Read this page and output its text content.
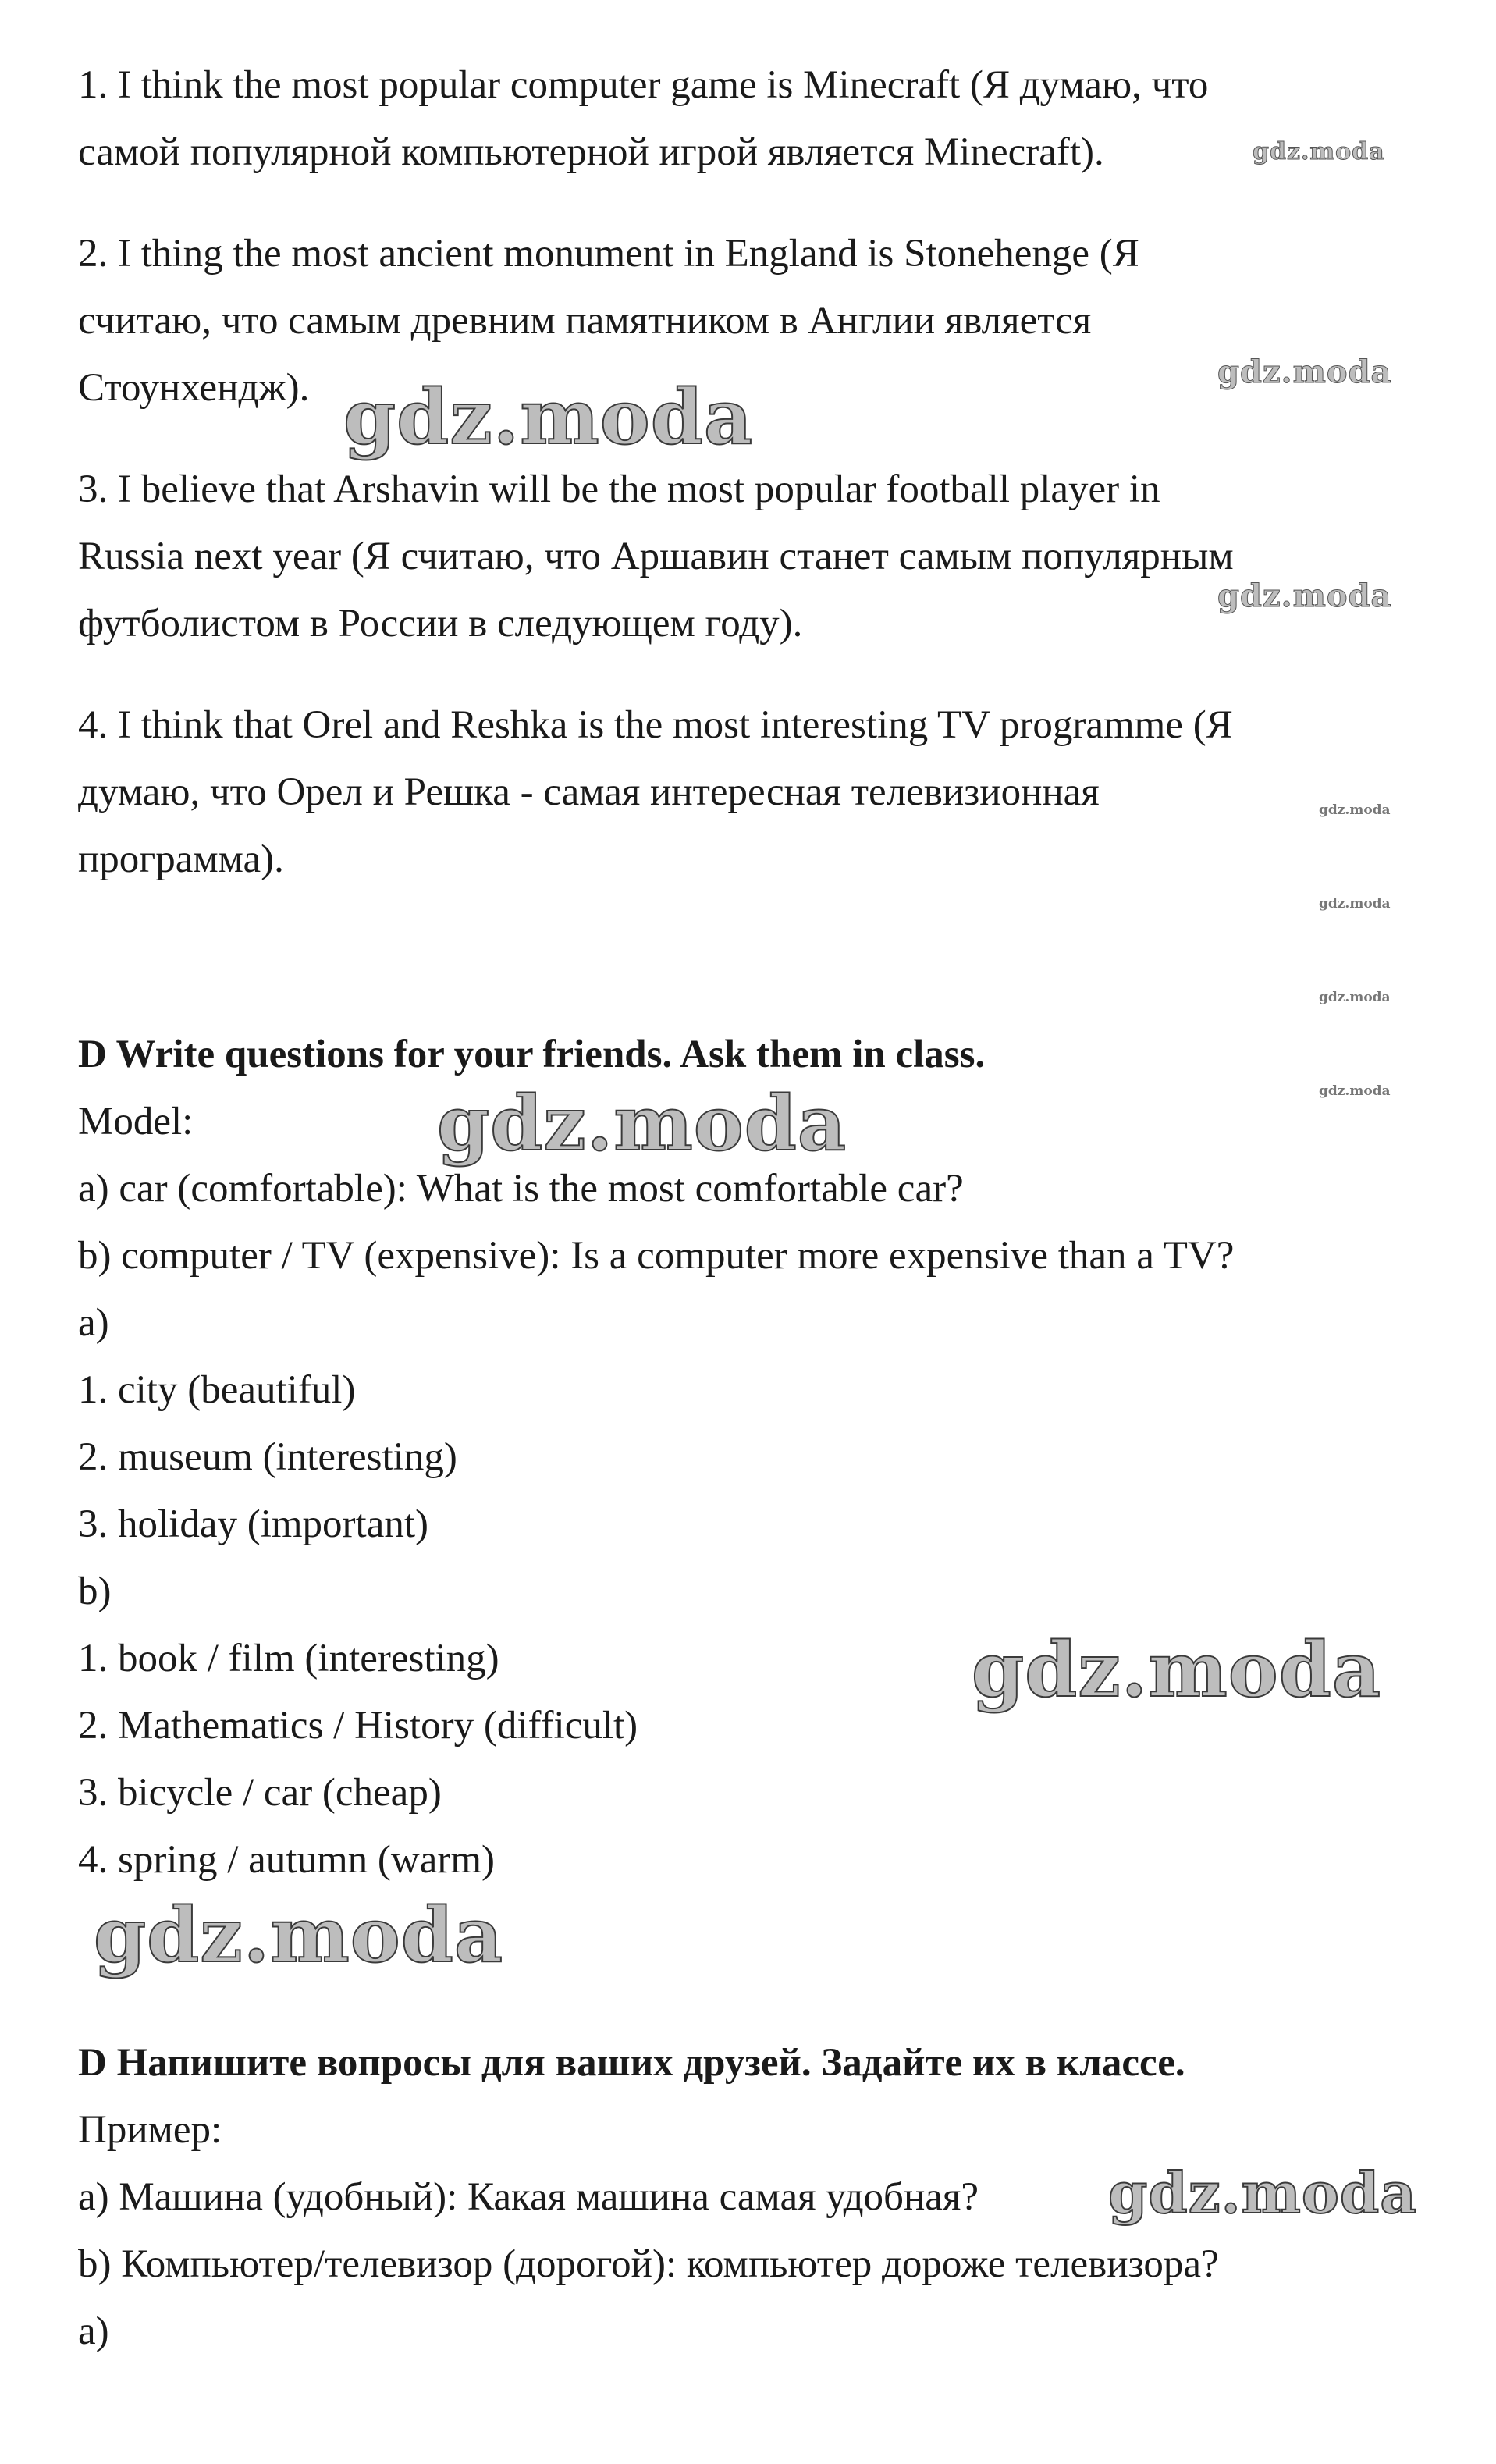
1. I think the most popular computer game is Minecraft (Я думаю, что
самой популярной компьютерной игрой является Minecraft).
2. I thing the most ancient monument in England is Stonehenge (Я
считаю, что самым древним памятником в Англии является
Стоунхендж).
3. I believe that Arshavin will be the most popular football player in
Russia next year (Я считаю, что Аршавин станет самым популярным
футболистом в России в следующем году).
4. I think that Orel and Reshka is the most interesting TV programme (Я
думаю, что Орел и Решка - самая интересная телевизионная
программа).
D Write questions for your friends. Ask them in class.
Model:
a) car (comfortable): What is the most comfortable car?
b) computer / TV (expensive): Is a computer more expensive than a TV?
a)
1. city (beautiful)
2. museum (interesting)
3. holiday (important)
b)
1. book / film (interesting)
2. Mathematics / History (difficult)
3. bicycle / car (cheap)
4. spring / autumn (warm)
D Напишите вопросы для ваших друзей. Задайте их в классе.
Пример:
a) Машина (удобный): Какая машина самая удобная?
b) Компьютер/телевизор (дорогой): компьютер дороже телевизора?
a)
gdz.moda
gdz.moda
gdz.moda
gdz.moda
gdz.moda
gdz.moda
gdz.moda
gdz.moda
gdz.moda
gdz.moda
gdz.moda
gdz.moda
